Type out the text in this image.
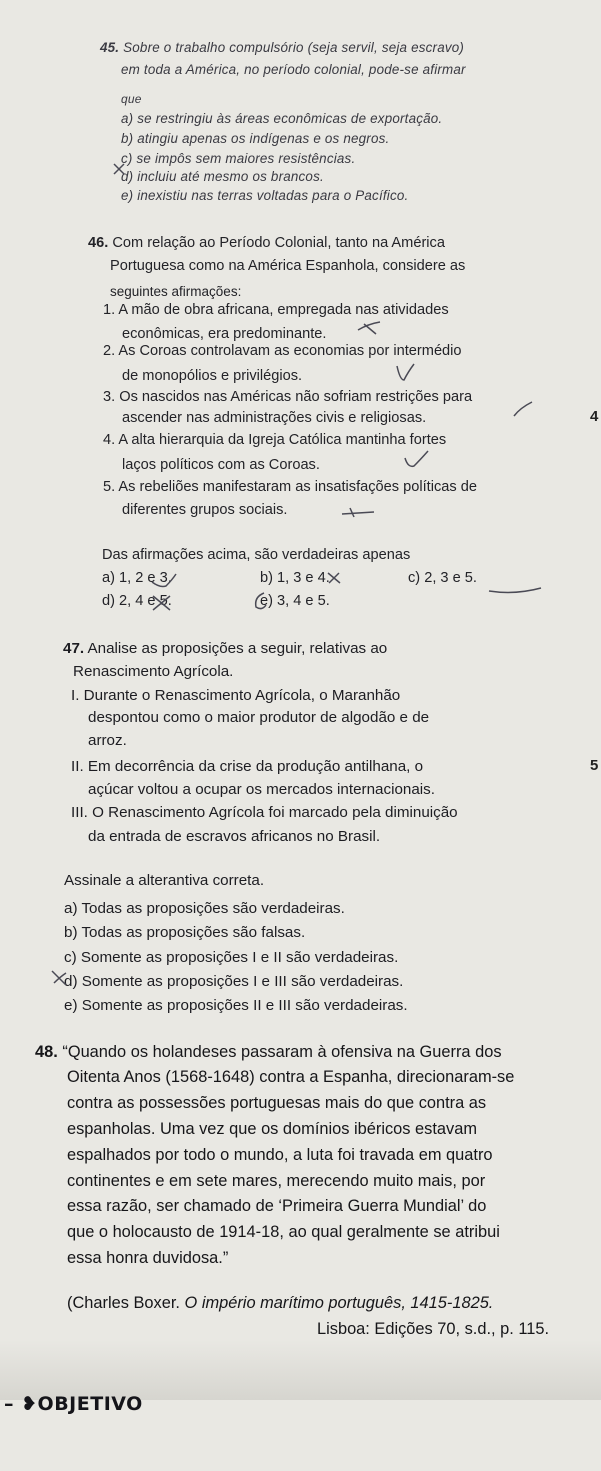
45. Sobre o trabalho compulsório (seja servil, seja escravo)
em toda a América, no período colonial, pode-se afirmar
que
a) se restringiu às áreas econômicas de exportação.
b) atingiu apenas os indígenas e os negros.
c) se impôs sem maiores resistências.
d) incluiu até mesmo os brancos.
e) inexistiu nas terras voltadas para o Pacífico.
46. Com relação ao Período Colonial, tanto na América
Portuguesa como na América Espanhola, considere as
seguintes afirmações:
1. A mão de obra africana, empregada nas atividades
econômicas, era predominante.
2. As Coroas controlavam as economias por intermédio
de monopólios e privilégios.
3. Os nascidos nas Américas não sofriam restrições para
ascender nas administrações civis e religiosas.
4. A alta hierarquia da Igreja Católica mantinha fortes
laços políticos com as Coroas.
5. As rebeliões manifestaram as insatisfações políticas de
diferentes grupos sociais.
Das afirmações acima, são verdadeiras apenas
a) 1, 2 e 3.	b) 1, 3 e 4.	c) 2, 3 e 5.
d) 2, 4 e 5.	e) 3, 4 e 5.
47. Analise as proposições a seguir, relativas ao
Renascimento Agrícola.
I. Durante o Renascimento Agrícola, o Maranhão
despontou como o maior produtor de algodão e de
arroz.
II. Em decorrência da crise da produção antilhana, o
açúcar voltou a ocupar os mercados internacionais.
III. O Renascimento Agrícola foi marcado pela diminuição
da entrada de escravos africanos no Brasil.
Assinale a alterantiva correta.
a) Todas as proposições são verdadeiras.
b) Todas as proposições são falsas.
c) Somente as proposições I e II são verdadeiras.
d) Somente as proposições I e III são verdadeiras.
e) Somente as proposições II e III são verdadeiras.
48. “Quando os holandeses passaram à ofensiva na Guerra dos
Oitenta Anos (1568-1648) contra a Espanha, direcionaram-se
contra as possessões portuguesas mais do que contra as
espanholas. Uma vez que os domínios ibéricos estavam
espalhados por todo o mundo, a luta foi travada em quatro
continentes e em sete mares, merecendo muito mais, por
essa razão, ser chamado de ‘Primeira Guerra Mundial’ do
que o holocausto de 1914-18, ao qual geralmente se atribui
essa honra duvidosa.”
(Charles Boxer. O império marítimo português, 1415-1825.
Lisboa: Edições 70, s.d., p. 115.
4
5
– ❥OBJETIVO
